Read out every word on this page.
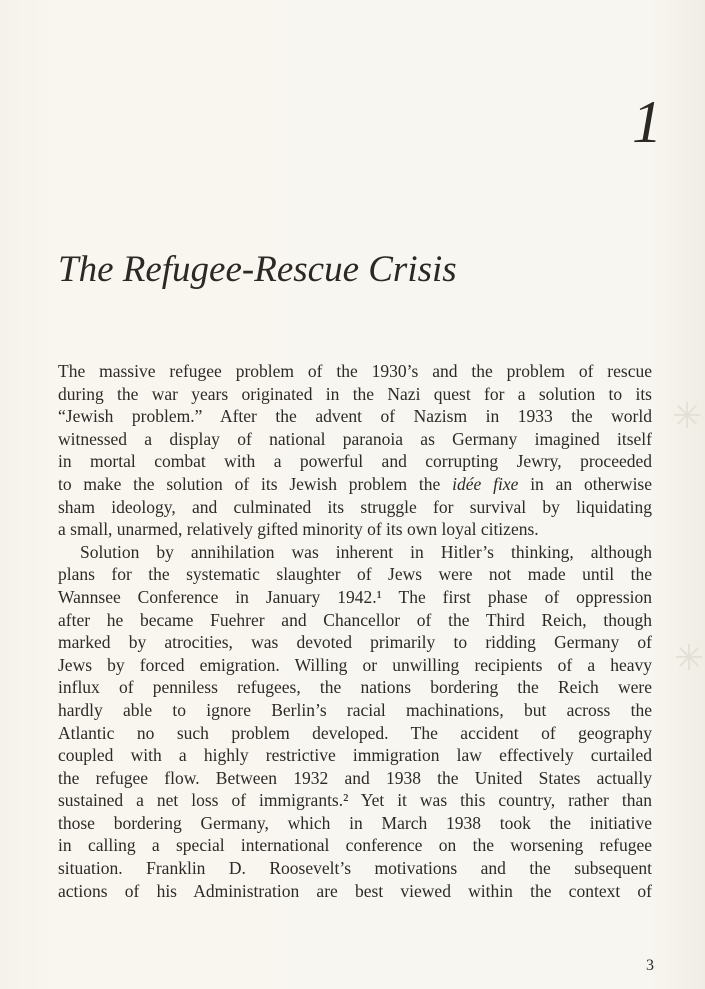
1
The Refugee-Rescue Crisis
The massive refugee problem of the 1930’s and the problem of rescue
during the war years originated in the Nazi quest for a solution to its
“Jewish problem.” After the advent of Nazism in 1933 the world
witnessed a display of national paranoia as Germany imagined itself
in mortal combat with a powerful and corrupting Jewry, proceeded
to make the solution of its Jewish problem the idée fixe in an otherwise
sham ideology, and culminated its struggle for survival by liquidating
a small, unarmed, relatively gifted minority of its own loyal citizens.
Solution by annihilation was inherent in Hitler’s thinking, although
plans for the systematic slaughter of Jews were not made until the
Wannsee Conference in January 1942.¹ The first phase of oppression
after he became Fuehrer and Chancellor of the Third Reich, though
marked by atrocities, was devoted primarily to ridding Germany of
Jews by forced emigration. Willing or unwilling recipients of a heavy
influx of penniless refugees, the nations bordering the Reich were
hardly able to ignore Berlin’s racial machinations, but across the
Atlantic no such problem developed. The accident of geography
coupled with a highly restrictive immigration law effectively curtailed
the refugee flow. Between 1932 and 1938 the United States actually
sustained a net loss of immigrants.² Yet it was this country, rather than
those bordering Germany, which in March 1938 took the initiative
in calling a special international conference on the worsening refugee
situation. Franklin D. Roosevelt’s motivations and the subsequent
actions of his Administration are best viewed within the context of
3
✳
✳
